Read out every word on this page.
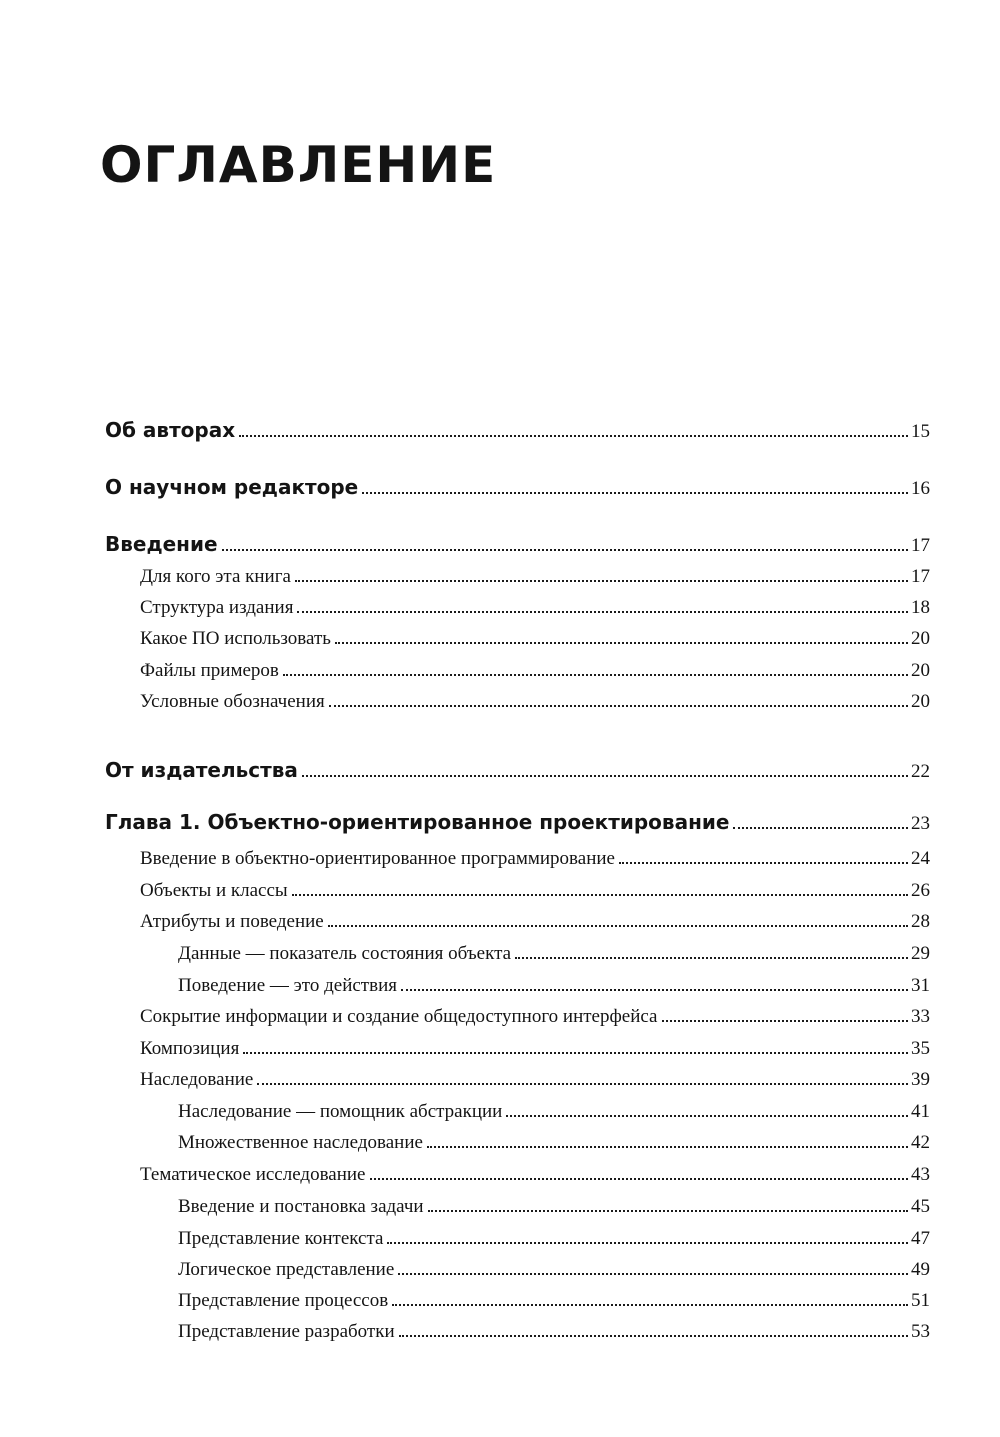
ОГЛАВЛЕНИЕ
Об авторах	15
О научном редакторе	16
Введение	17
Для кого эта книга	17
Структура издания	18
Какое ПО использовать	20
Файлы примеров	20
Условные обозначения	20
От издательства	22
Глава 1. Объектно-ориентированное проектирование	23
Введение в объектно-ориентированное программирование	24
Объекты и классы	26
Атрибуты и поведение	28
Данные — показатель состояния объекта	29
Поведение — это действия	31
Сокрытие информации и создание общедоступного интерфейса	33
Композиция	35
Наследование	39
Наследование — помощник абстракции	41
Множественное наследование	42
Тематическое исследование	43
Введение и постановка задачи	45
Представление контекста	47
Логическое представление	49
Представление процессов	51
Представление разработки	53
